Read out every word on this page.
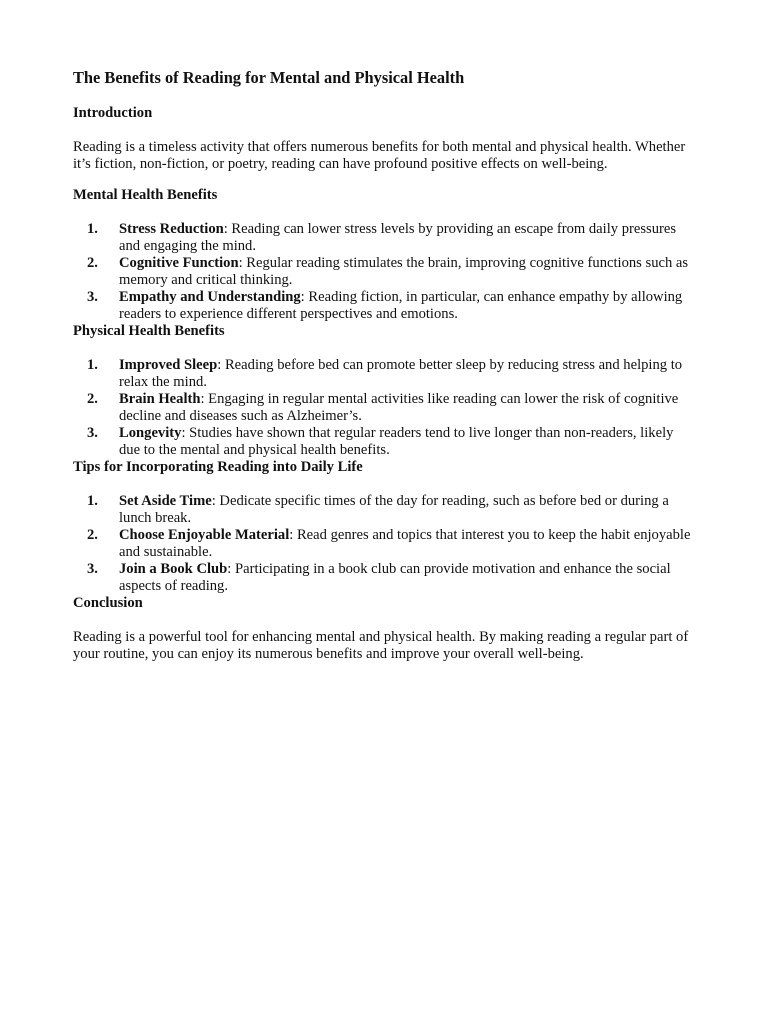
The Benefits of Reading for Mental and Physical Health
Introduction

Reading is a timeless activity that offers numerous benefits for both mental and physical health. Whether it’s fiction, non-fiction, or poetry, reading can have profound positive effects on well-being.

Mental Health Benefits
1. Stress Reduction: Reading can lower stress levels by providing an escape from daily pressures and engaging the mind.
2. Cognitive Function: Regular reading stimulates the brain, improving cognitive functions such as memory and critical thinking.
3. Empathy and Understanding: Reading fiction, in particular, can enhance empathy by allowing readers to experience different perspectives and emotions.
Physical Health Benefits
1. Improved Sleep: Reading before bed can promote better sleep by reducing stress and helping to relax the mind.
2. Brain Health: Engaging in regular mental activities like reading can lower the risk of cognitive decline and diseases such as Alzheimer’s.
3. Longevity: Studies have shown that regular readers tend to live longer than non-readers, likely due to the mental and physical health benefits.
Tips for Incorporating Reading into Daily Life
1. Set Aside Time: Dedicate specific times of the day for reading, such as before bed or during a lunch break.
2. Choose Enjoyable Material: Read genres and topics that interest you to keep the habit enjoyable and sustainable.
3. Join a Book Club: Participating in a book club can provide motivation and enhance the social aspects of reading.
Conclusion

Reading is a powerful tool for enhancing mental and physical health. By making reading a regular part of your routine, you can enjoy its numerous benefits and improve your overall well-being.
